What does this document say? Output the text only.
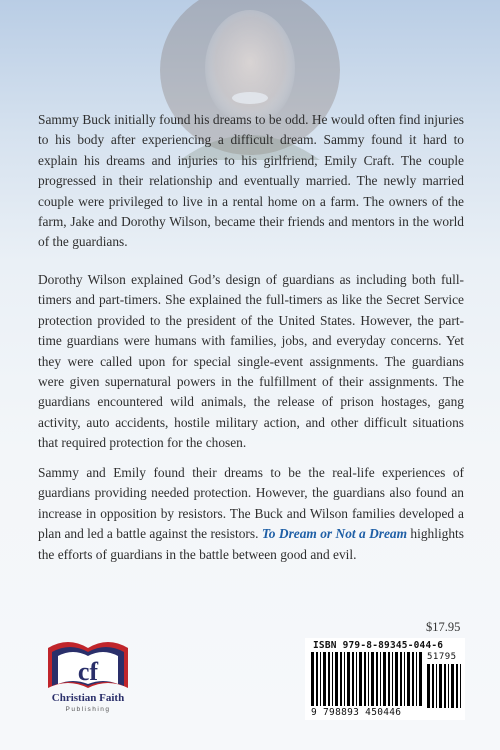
Sammy Buck initially found his dreams to be odd. He would often find injuries to his body after experiencing a difficult dream. Sammy found it hard to explain his dreams and injuries to his girlfriend, Emily Craft. The couple progressed in their relationship and eventually married. The newly married couple were privileged to live in a rental home on a farm. The owners of the farm, Jake and Dorothy Wilson, became their friends and mentors in the world of the guardians.
Dorothy Wilson explained God’s design of guardians as including both full-timers and part-timers. She explained the full-timers as like the Secret Service protection provided to the president of the United States. However, the part-time guardians were humans with families, jobs, and everyday concerns. Yet they were called upon for special single-event assignments. The guardians were given supernatural powers in the fulfillment of their assignments. The guardians encountered wild animals, the release of prison hostages, gang activity, auto accidents, hostile military action, and other difficult situations that required protection for the chosen.
Sammy and Emily found their dreams to be the real-life experiences of guardians providing needed protection. However, the guardians also found an increase in opposition by resistors. The Buck and Wilson families developed a plan and led a battle against the resistors. To Dream or Not a Dream highlights the efforts of guardians in the battle between good and evil.
$17.95
ISBN 979-8-89345-044-6
51795
9 798893 450446
cf
Christian Faith
Publishing
